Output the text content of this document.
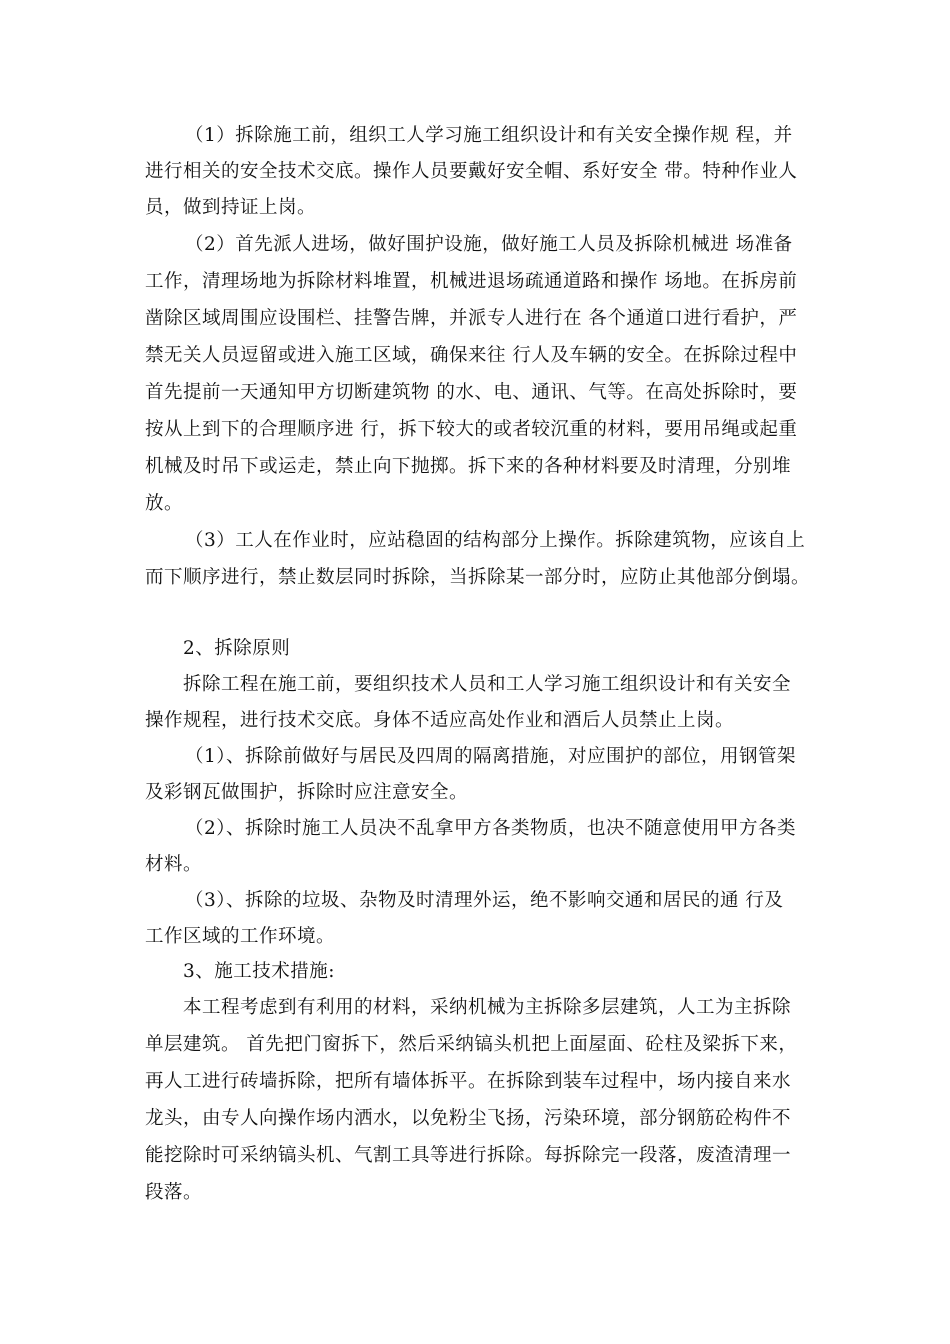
（1）拆除施工前，组织工人学习施工组织设计和有关安全操作规 程，并
进行相关的安全技术交底。操作人员要戴好安全帽、系好安全 带。特种作业人
员，做到持证上岗。
（2）首先派人进场，做好围护设施，做好施工人员及拆除机械进 场准备
工作，清理场地为拆除材料堆置，机械进退场疏通道路和操作 场地。在拆房前
凿除区域周围应设围栏、挂警告牌，并派专人进行在 各个通道口进行看护，严
禁无关人员逗留或进入施工区域，确保来往 行人及车辆的安全。在拆除过程中
首先提前一天通知甲方切断建筑物 的水、电、通讯、气等。在高处拆除时，要
按从上到下的合理顺序进 行，拆下较大的或者较沉重的材料，要用吊绳或起重
机械及时吊下或运走，禁止向下抛掷。拆下来的各种材料要及时清理，分别堆
放。
（3）工人在作业时，应站稳固的结构部分上操作。拆除建筑物，应该自上
而下顺序进行，禁止数层同时拆除，当拆除某一部分时，应防止其他部分倒塌。
2、拆除原则
拆除工程在施工前，要组织技术人员和工人学习施工组织设计和有关安全
操作规程，进行技术交底。身体不适应高处作业和酒后人员禁止上岗。
（1）、拆除前做好与居民及四周的隔离措施，对应围护的部位，用钢管架
及彩钢瓦做围护，拆除时应注意安全。
（2）、拆除时施工人员决不乱拿甲方各类物质，也决不随意使用甲方各类
材料。
（3）、拆除的垃圾、杂物及时清理外运，绝不影响交通和居民的通 行及
工作区域的工作环境。
3、施工技术措施:
本工程考虑到有利用的材料，采纳机械为主拆除多层建筑，人工为主拆除
单层建筑。 首先把门窗拆下，然后采纳镐头机把上面屋面、砼柱及梁拆下来，
再人工进行砖墙拆除，把所有墙体拆平。在拆除到装车过程中，场内接自来水
龙头，由专人向操作场内洒水，以免粉尘飞扬，污染环境，部分钢筋砼构件不
能挖除时可采纳镐头机、气割工具等进行拆除。每拆除完一段落，废渣清理一
段落。
